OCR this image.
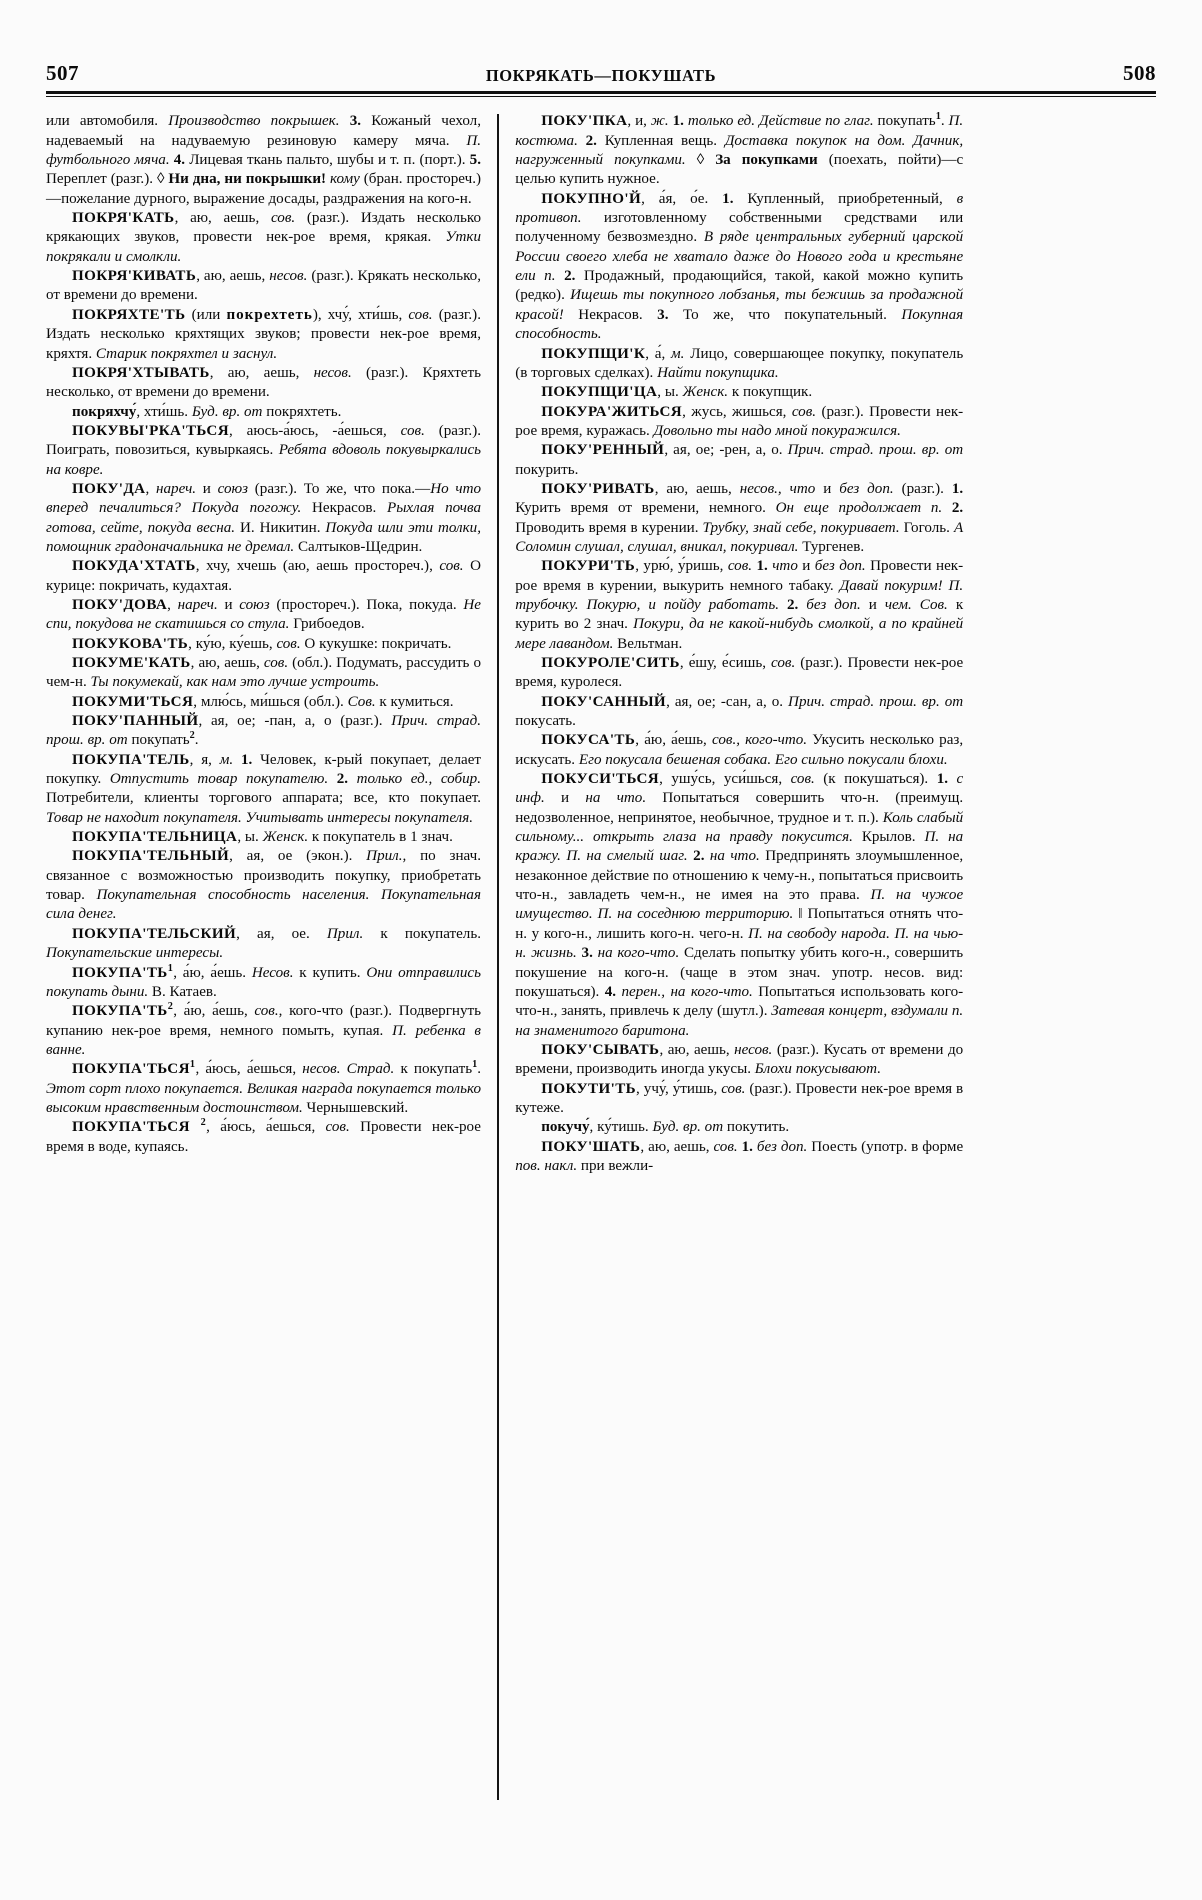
507	ПОКРЯКАТЬ—ПОКУШАТЬ	508

или автомобиля. Производство покрышек. 3. Кожаный чехол, надеваемый на надуваемую резиновую камеру мяча. П. футбольного мяча. 4. Лицевая ткань пальто, шубы и т. п. (порт.). 5. Переплет (разг.). ◊ Ни дна, ни покрышки! кому (бран. простореч.)—пожелание дурного, выражение досады, раздражения на кого-н.

ПОКРЯ'КАТЬ, аю, аешь, сов. (разг.). Издать несколько крякающих звуков, провести нек-рое время, крякая. Утки покрякали и смолкли.

ПОКРЯ'КИВАТЬ, аю, аешь, несов. (разг.). Крякать несколько, от времени до времени.

ПОКРЯХТЕ'ТЬ (или покрехтеть), хчу́, хти́шь, сов. (разг.). Издать несколько кряхтящих звуков; провести нек-рое время, кряхтя. Старик покряхтел и заснул.

ПОКРЯ'ХТЫВАТЬ, аю, аешь, несов. (разг.). Кряхтеть несколько, от времени до времени.

покряхчу́, хти́шь. Буд. вр. от покряхтеть.

ПОКУВЫ'РКА'ТЬСЯ, аюсь-а́юсь, -а́ешься, сов. (разг.). Поиграть, повозиться, кувыркаясь. Ребята вдоволь покувыркались на ковре.

ПОКУ'ДА, нареч. и союз (разг.). То же, что пока.—Но что вперед печалиться? Покуда погожу. Некрасов. Рыхлая почва готова, сейте, покуда весна. И. Никитин. Покуда шли эти толки, помощник градоначальника не дремал. Салтыков-Щедрин.

ПОКУДА'ХТАТЬ, хчу, хчешь (аю, аешь простореч.), сов. О курице: покричать, кудахтая.

ПОКУ'ДОВА, нареч. и союз (простореч.). Пока, покуда. Не спи, покудова не скатишься со стула. Грибоедов.

ПОКУКОВА'ТЬ, ку́ю, ку́ешь, сов. О кукушке: покричать.

ПОКУМЕ'КАТЬ, аю, аешь, сов. (обл.). Подумать, рассудить о чем-н. Ты покумекай, как нам это лучше устроить.

ПОКУМИ'ТЬСЯ, млю́сь, ми́шься (обл.). Сов. к кумиться.

ПОКУ'ПАННЫЙ, ая, ое; -пан, а, о (разг.). Прич. страд. прош. вр. от покупать$^2$.

ПОКУПА'ТЕЛЬ, я, м. 1. Человек, к-рый покупает, делает покупку. Отпустить товар покупателю. 2. только ед., собир. Потребители, клиенты торгового аппарата; все, кто покупает. Товар не находит покупателя. Учитывать интересы покупателя.

ПОКУПА'ТЕЛЬНИЦА, ы. Женск. к покупатель в 1 знач.

ПОКУПА'ТЕЛЬНЫЙ, ая, ое (экон.). Прил., по знач. связанное с возможностью производить покупку, приобретать товар. Покупательная способность населения. Покупательная сила денег.

ПОКУПА'ТЕЛЬСКИЙ, ая, ое. Прил. к покупатель. Покупательские интересы.

$ПОКУПА'ТЬ^1$, а́ю, а́ешь. Несов. к купить. Они отправились покупать дыни. В. Катаев.

$ПОКУПА'ТЬ^2$, а́ю, а́ешь, сов., кого-что (разг.). Подвергнуть купанию нек-рое время, немного помыть, купая. П. ребенка в ванне.

ПОКУПА'ТЬСЯ$^1$, а́юсь, а́ешься, несов. Страд. к покупать$^1$. Этот сорт плохо покупается. Великая награда покупается только высоким нравственным достоинством. Чернышевский.

ПОКУПА'ТЬСЯ $^2$, а́юсь, а́ешься, сов. Провести нек-рое время в воде, купаясь.

ПОКУ'ПКА, и, ж. 1. только ед. Действие по глаг. покупать$^1$. П. костюма. 2. Купленная вещь. Доставка покупок на дом. Дачник, нагруженный покупками. ◊ За покупками (поехать, пойти)—с целью купить нужное.

ПОКУПНО'Й, а́я, о́е. 1. Купленный, приобретенный, в противоп. изготовленному собственными средствами или полученному безвозмездно. В ряде центральных губерний царской России своего хлеба не хватало даже до Нового года и крестьяне ели п. 2. Продажный, продающийся, такой, какой можно купить (редко). Ищешь ты покупного лобзанья, ты бежишь за продажной красой! Некрасов. 3. То же, что покупательный. Покупная способность.

ПОКУПЩИ'К, а́, м. Лицо, совершающее покупку, покупатель (в торговых сделках). Найти покупщика.

ПОКУПЩИ'ЦА, ы. Женск. к покупщик.

ПОКУРА'ЖИТЬСЯ, жусь, жишься, сов. (разг.). Провести нек-рое время, куражась. Довольно ты надо мной покуражился.

ПОКУ'РЕННЫЙ, ая, ое; -рен, а, о. Прич. страд. прош. вр. от покурить.

ПОКУ'РИВАТЬ, аю, аешь, несов., что и без доп. (разг.). 1. Курить время от времени, немного. Он еще продолжает п. 2. Проводить время в курении. Трубку, знай себе, покуривает. Гоголь. А Соломин слушал, слушал, вникал, покуривал. Тургенев.

ПОКУРИ'ТЬ, урю́, у́ришь, сов. 1. что и без доп. Провести нек-рое время в курении, выкурить немного табаку. Давай покурим! П. трубочку. Покурю, и пойду работать. 2. без доп. и чем. Сов. к курить во 2 знач. Покури, да не какой-нибудь смолкой, а по крайней мере лавандом. Вельтман.

ПОКУРОЛЕ'СИТЬ, е́шу, е́сишь, сов. (разг.). Провести нек-рое время, куролеся.

ПОКУ'САННЫЙ, ая, ое; -сан, а, о. Прич. страд. прош. вр. от покусать.

ПОКУСА'ТЬ, а́ю, а́ешь, сов., кого-что. Укусить несколько раз, искусать. Его покусала бешеная собака. Его сильно покусали блохи.

ПОКУСИ'ТЬСЯ, ушу́сь, уси́шься, сов. (к покушаться). 1. с инф. и на что. Попытаться совершить что-н. (преимущ. недозволенное, непринятое, необычное, трудное и т. п.). Коль слабый сильному... открыть глаза на правду покусится. Крылов. П. на кражу. П. на смелый шаг. 2. на что. Предпринять злоумышленное, незаконное действие по отношению к чему-н., попытаться присвоить что-н., завладеть чем-н., не имея на это права. П. на чужое имущество. П. на соседнюю территорию. ‖ Попытаться отнять что-н. у кого-н., лишить кого-н. чего-н. П. на свободу народа. П. на чью-н. жизнь. 3. на кого-что. Сделать попытку убить кого-н., совершить покушение на кого-н. (чаще в этом знач. употр. несов. вид: покушаться). 4. перен., на кого-что. Попытаться использовать кого-что-н., занять, привлечь к делу (шутл.). Затевая концерт, вздумали п. на знаменитого баритона.

ПОКУ'СЫВАТЬ, аю, аешь, несов. (разг.). Кусать от времени до времени, производить иногда укусы. Блохи покусывают.

ПОКУТИ'ТЬ, учу́, у́тишь, сов. (разг.). Провести нек-рое время в кутеже.

покучу́, ку́тишь. Буд. вр. от покутить.

ПОКУ'ШАТЬ, аю, аешь, сов. 1. без доп. Поесть (употр. в форме пов. накл. при вежли-
